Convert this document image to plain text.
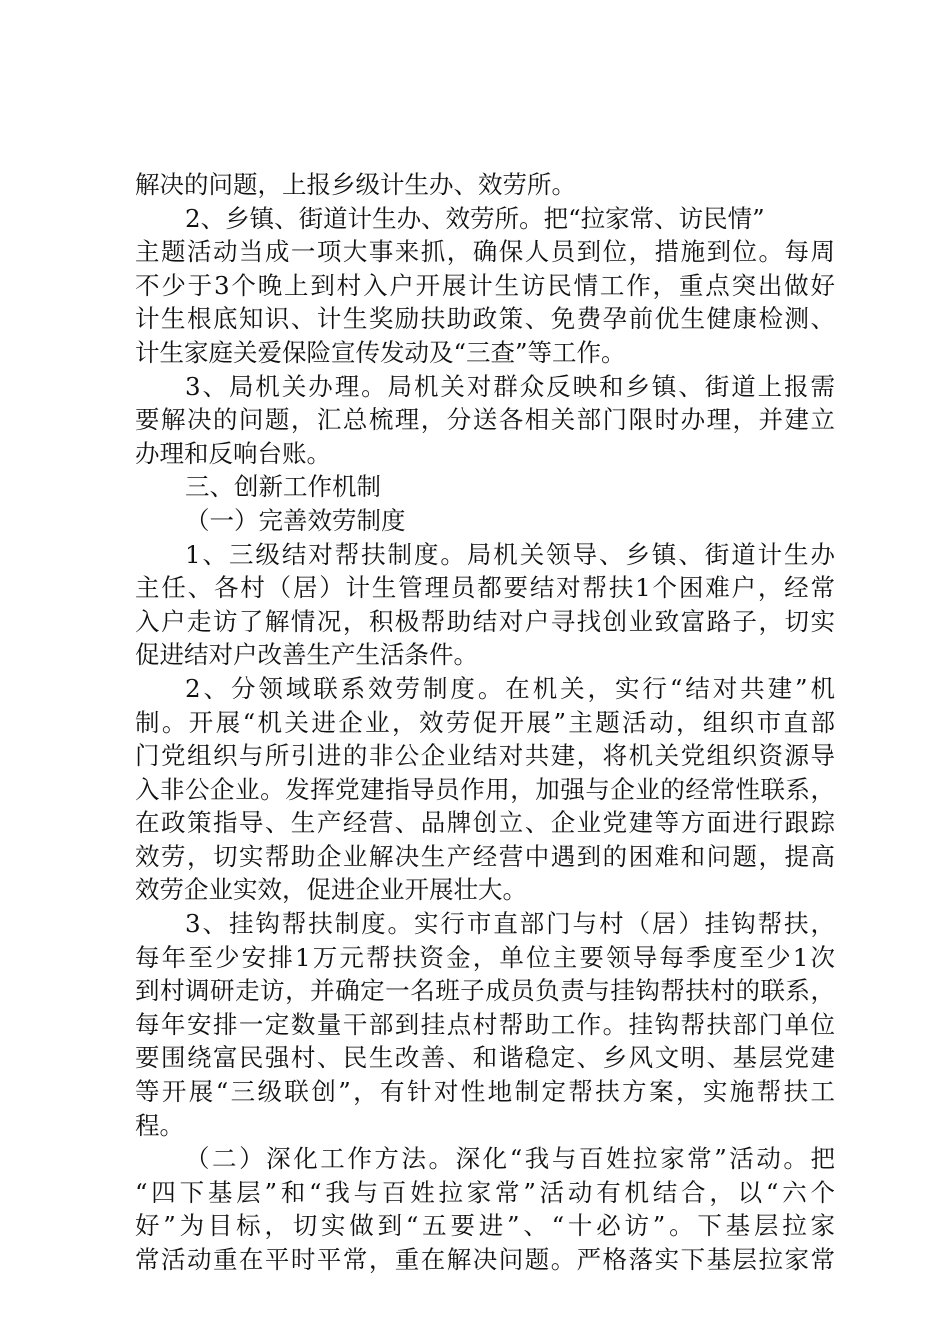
解决的问题，上报乡级计生办、效劳所。
2、乡镇、街道计生办、效劳所。把“拉家常、访民情”
主题活动当成一项大事来抓，确保人员到位，措施到位。每周
不少于3个晚上到村入户开展计生访民情工作，重点突出做好
计生根底知识、计生奖励扶助政策、免费孕前优生健康检测、
计生家庭关爱保险宣传发动及“三查”等工作。
3、局机关办理。局机关对群众反映和乡镇、街道上报需
要解决的问题，汇总梳理，分送各相关部门限时办理，并建立
办理和反响台账。
三、创新工作机制
（一）完善效劳制度
1、三级结对帮扶制度。局机关领导、乡镇、街道计生办
主任、各村（居）计生管理员都要结对帮扶1个困难户，经常
入户走访了解情况，积极帮助结对户寻找创业致富路子，切实
促进结对户改善生产生活条件。
2、分领域联系效劳制度。在机关，实行“结对共建”机
制。开展“机关进企业，效劳促开展”主题活动，组织市直部
门党组织与所引进的非公企业结对共建，将机关党组织资源导
入非公企业。发挥党建指导员作用，加强与企业的经常性联系，
在政策指导、生产经营、品牌创立、企业党建等方面进行跟踪
效劳，切实帮助企业解决生产经营中遇到的困难和问题，提高
效劳企业实效，促进企业开展壮大。
3、挂钩帮扶制度。实行市直部门与村（居）挂钩帮扶，
每年至少安排1万元帮扶资金，单位主要领导每季度至少1次
到村调研走访，并确定一名班子成员负责与挂钩帮扶村的联系，
每年安排一定数量干部到挂点村帮助工作。挂钩帮扶部门单位
要围绕富民强村、民生改善、和谐稳定、乡风文明、基层党建
等开展“三级联创”，有针对性地制定帮扶方案，实施帮扶工
程。
（二）深化工作方法。深化“我与百姓拉家常”活动。把
“四下基层”和“我与百姓拉家常”活动有机结合，以“六个
好”为目标，切实做到“五要进”、“十必访”。下基层拉家
常活动重在平时平常，重在解决问题。严格落实下基层拉家常
